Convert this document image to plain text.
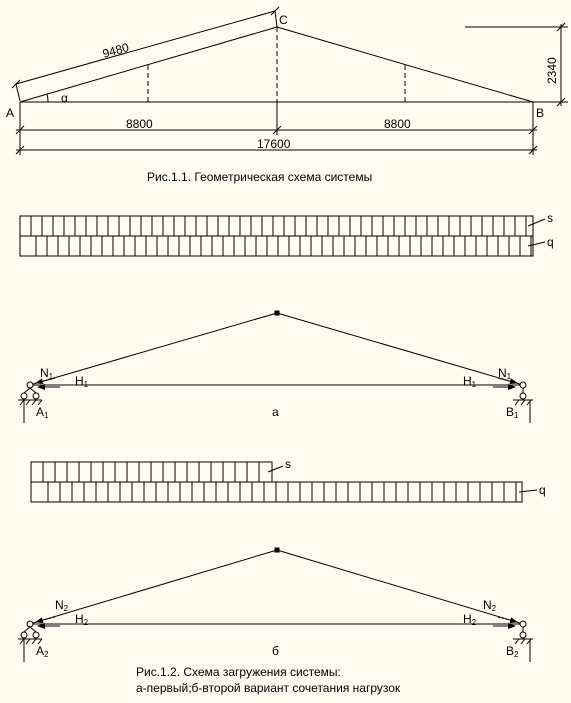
A	B
C
α
9480
2340
8800	8800
17600
Рис.1.1. Геометрическая схема системы
s
q
N1	N1
H1	H1
A1	B1
а
s
q
N2	N2
H2	H2
A2	B2
б
Рис.1.2. Схема загружения системы:
а-первый;б-второй вариант сочетания нагрузок
